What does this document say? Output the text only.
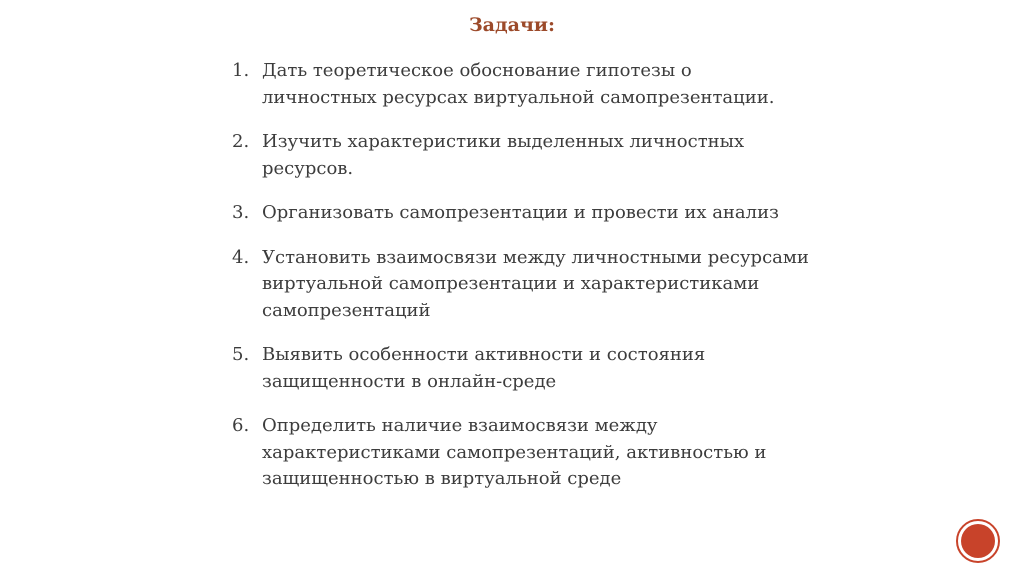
Задачи:
1. Дать теоретическое обоснование гипотезы о личностных ресурсах виртуальной самопрезентации.
2. Изучить характеристики выделенных личностных ресурсов.
3. Организовать самопрезентации и провести их анализ
4. Установить взаимосвязи между личностными ресурсами виртуальной самопрезентации и характеристиками самопрезентаций
5. Выявить особенности активности и состояния защищенности в онлайн-среде
6. Определить наличие взаимосвязи между характеристиками самопрезентаций, активностью и защищенностью в виртуальной среде
